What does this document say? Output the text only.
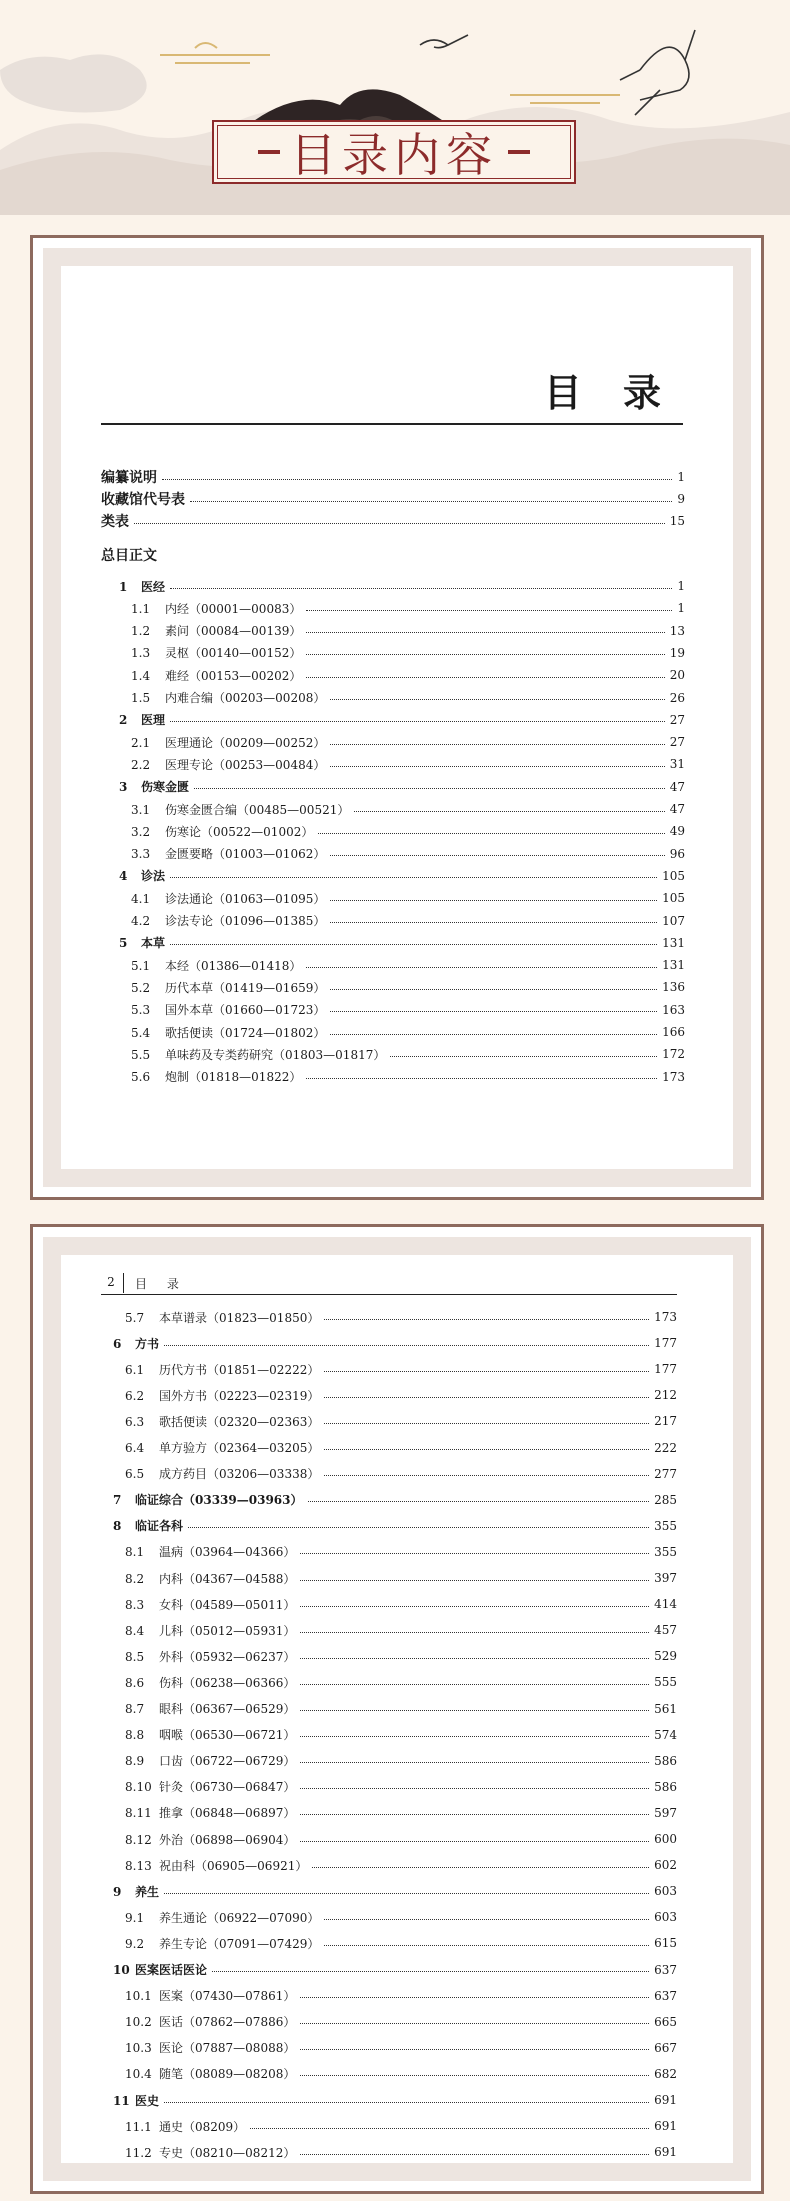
目录内容
目 录
编纂说明	1
收藏馆代号表	9
类表	15
总目正文
1 医经	1
1.1 内经（00001—00083）	1
1.2 素问（00084—00139）	13
1.3 灵枢（00140—00152）	19
1.4 难经（00153—00202）	20
1.5 内难合编（00203—00208）	26
2 医理	27
2.1 医理通论（00209—00252）	27
2.2 医理专论（00253—00484）	31
3 伤寒金匮	47
3.1 伤寒金匮合编（00485—00521）	47
3.2 伤寒论（00522—01002）	49
3.3 金匮要略（01003—01062）	96
4 诊法	105
4.1 诊法通论（01063—01095）	105
4.2 诊法专论（01096—01385）	107
5 本草	131
5.1 本经（01386—01418）	131
5.2 历代本草（01419—01659）	136
5.3 国外本草（01660—01723）	163
5.4 歌括便读（01724—01802）	166
5.5 单味药及专类药研究（01803—01817）	172
5.6 炮制（01818—01822）	173
2	目 录
5.7 本草谱录（01823—01850）	173
6 方书	177
6.1 历代方书（01851—02222）	177
6.2 国外方书（02223—02319）	212
6.3 歌括便读（02320—02363）	217
6.4 单方验方（02364—03205）	222
6.5 成方药目（03206—03338）	277
7 临证综合（03339—03963）	285
8 临证各科	355
8.1 温病（03964—04366）	355
8.2 内科（04367—04588）	397
8.3 女科（04589—05011）	414
8.4 儿科（05012—05931）	457
8.5 外科（05932—06237）	529
8.6 伤科（06238—06366）	555
8.7 眼科（06367—06529）	561
8.8 咽喉（06530—06721）	574
8.9 口齿（06722—06729）	586
8.10 针灸（06730—06847）	586
8.11 推拿（06848—06897）	597
8.12 外治（06898—06904）	600
8.13 祝由科（06905—06921）	602
9 养生	603
9.1 养生通论（06922—07090）	603
9.2 养生专论（07091—07429）	615
10 医案医话医论	637
10.1 医案（07430—07861）	637
10.2 医话（07862—07886）	665
10.3 医论（07887—08088）	667
10.4 随笔（08089—08208）	682
11 医史	691
11.1 通史（08209）	691
11.2 专史（08210—08212）	691
